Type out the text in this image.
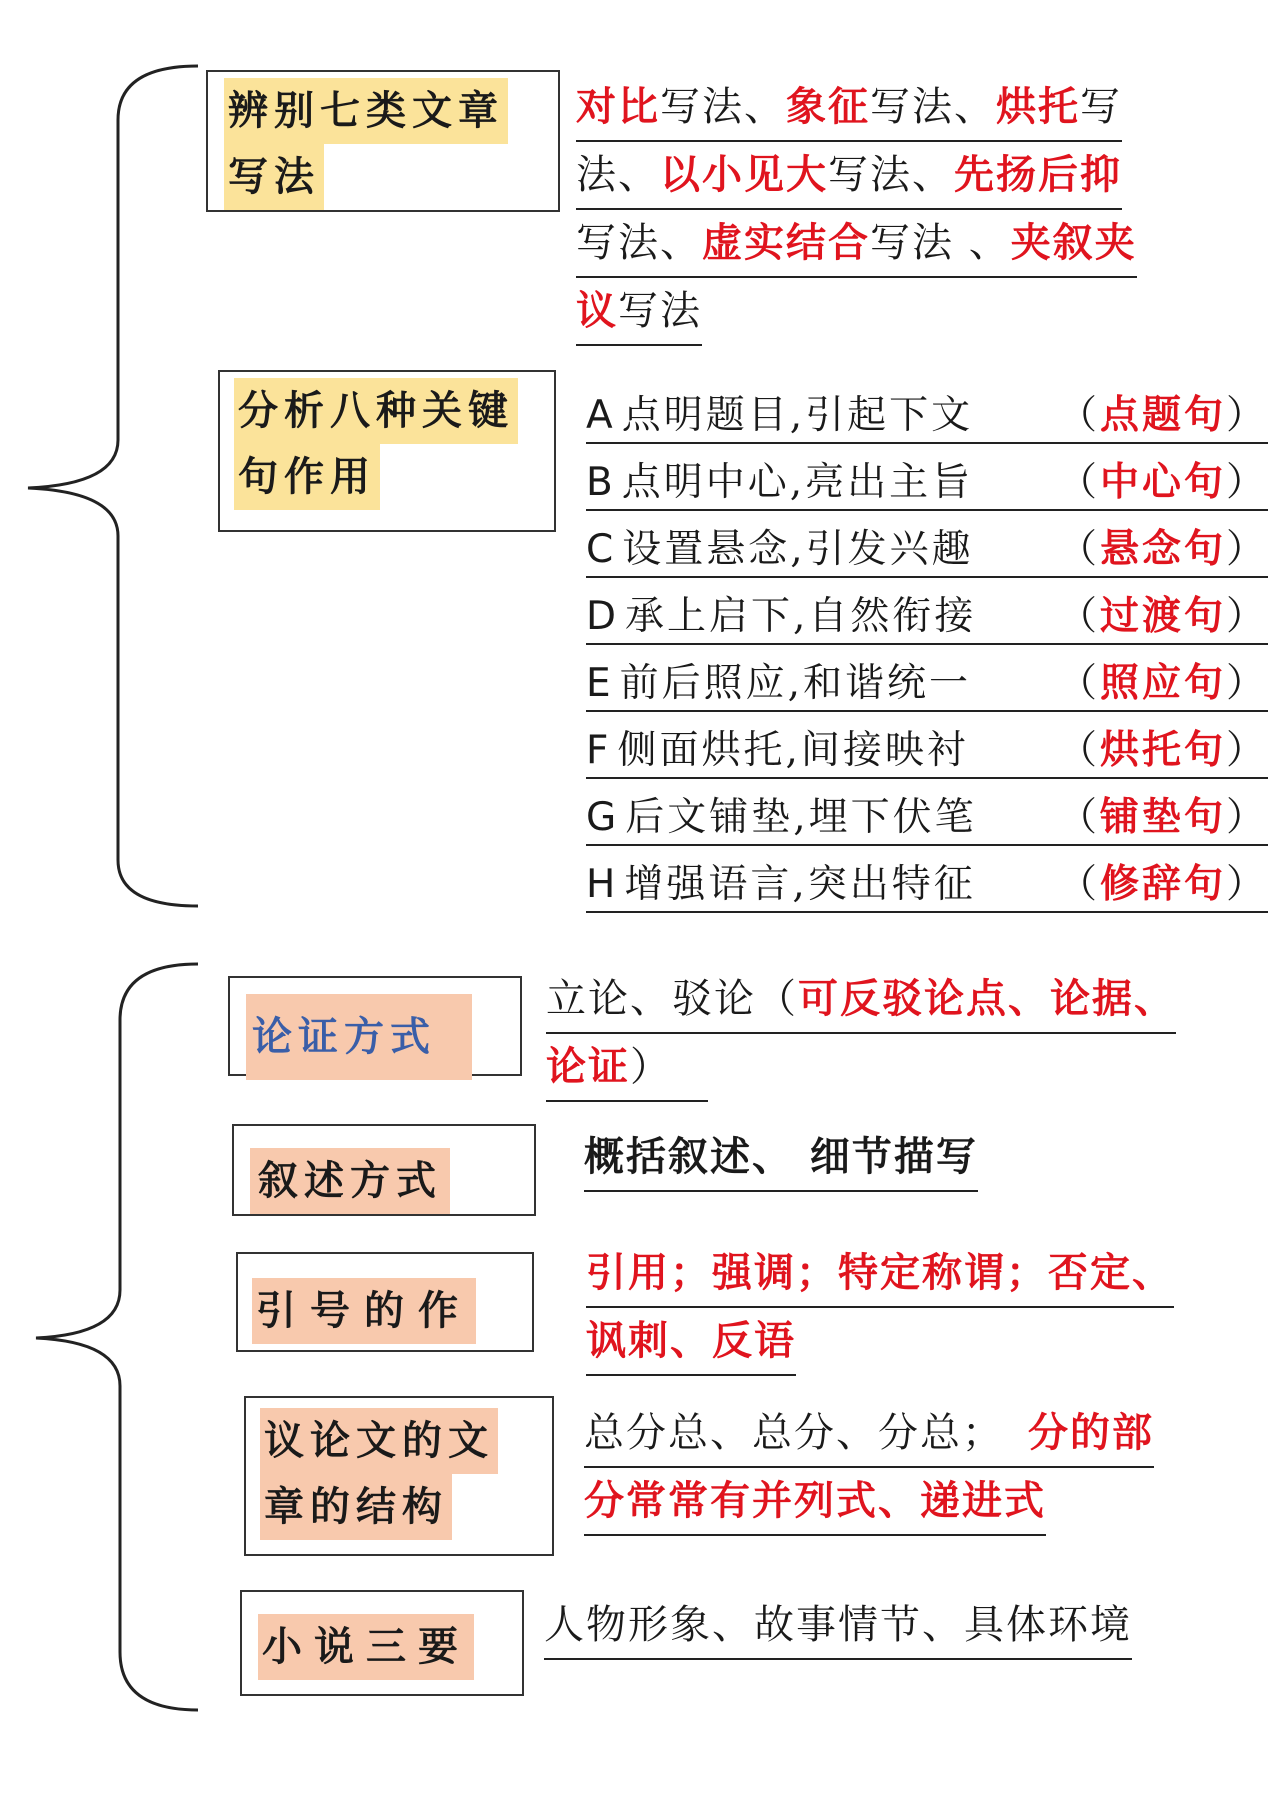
辨别七类文章
写法
对比写法、象征写法、烘托写
法、以小见大写法、先扬后抑
写法、虚实结合写法 、夹叙夹
议写法
分析八种关键
句作用
A 点明题目,引起下文 （点题句）
B 点明中心,亮出主旨 （中心句）
C 设置悬念,引发兴趣 （悬念句）
D 承上启下,自然衔接 （过渡句）
E 前后照应,和谐统一 （照应句）
F 侧面烘托,间接映衬 （烘托句）
G 后文铺垫,埋下伏笔 （铺垫句）
H 增强语言,突出特征 （修辞句）
论证方式
立论、驳论（可反驳论点、论据、
论证）
叙述方式
概括叙述、 细节描写
引号的作
引用；强调；特定称谓；否定、
讽刺、反语
议论文的文
章的结构
总分总、总分、分总； 分的部
分常常有并列式、递进式
小说三要 人物形象、故事情节、具体环境
